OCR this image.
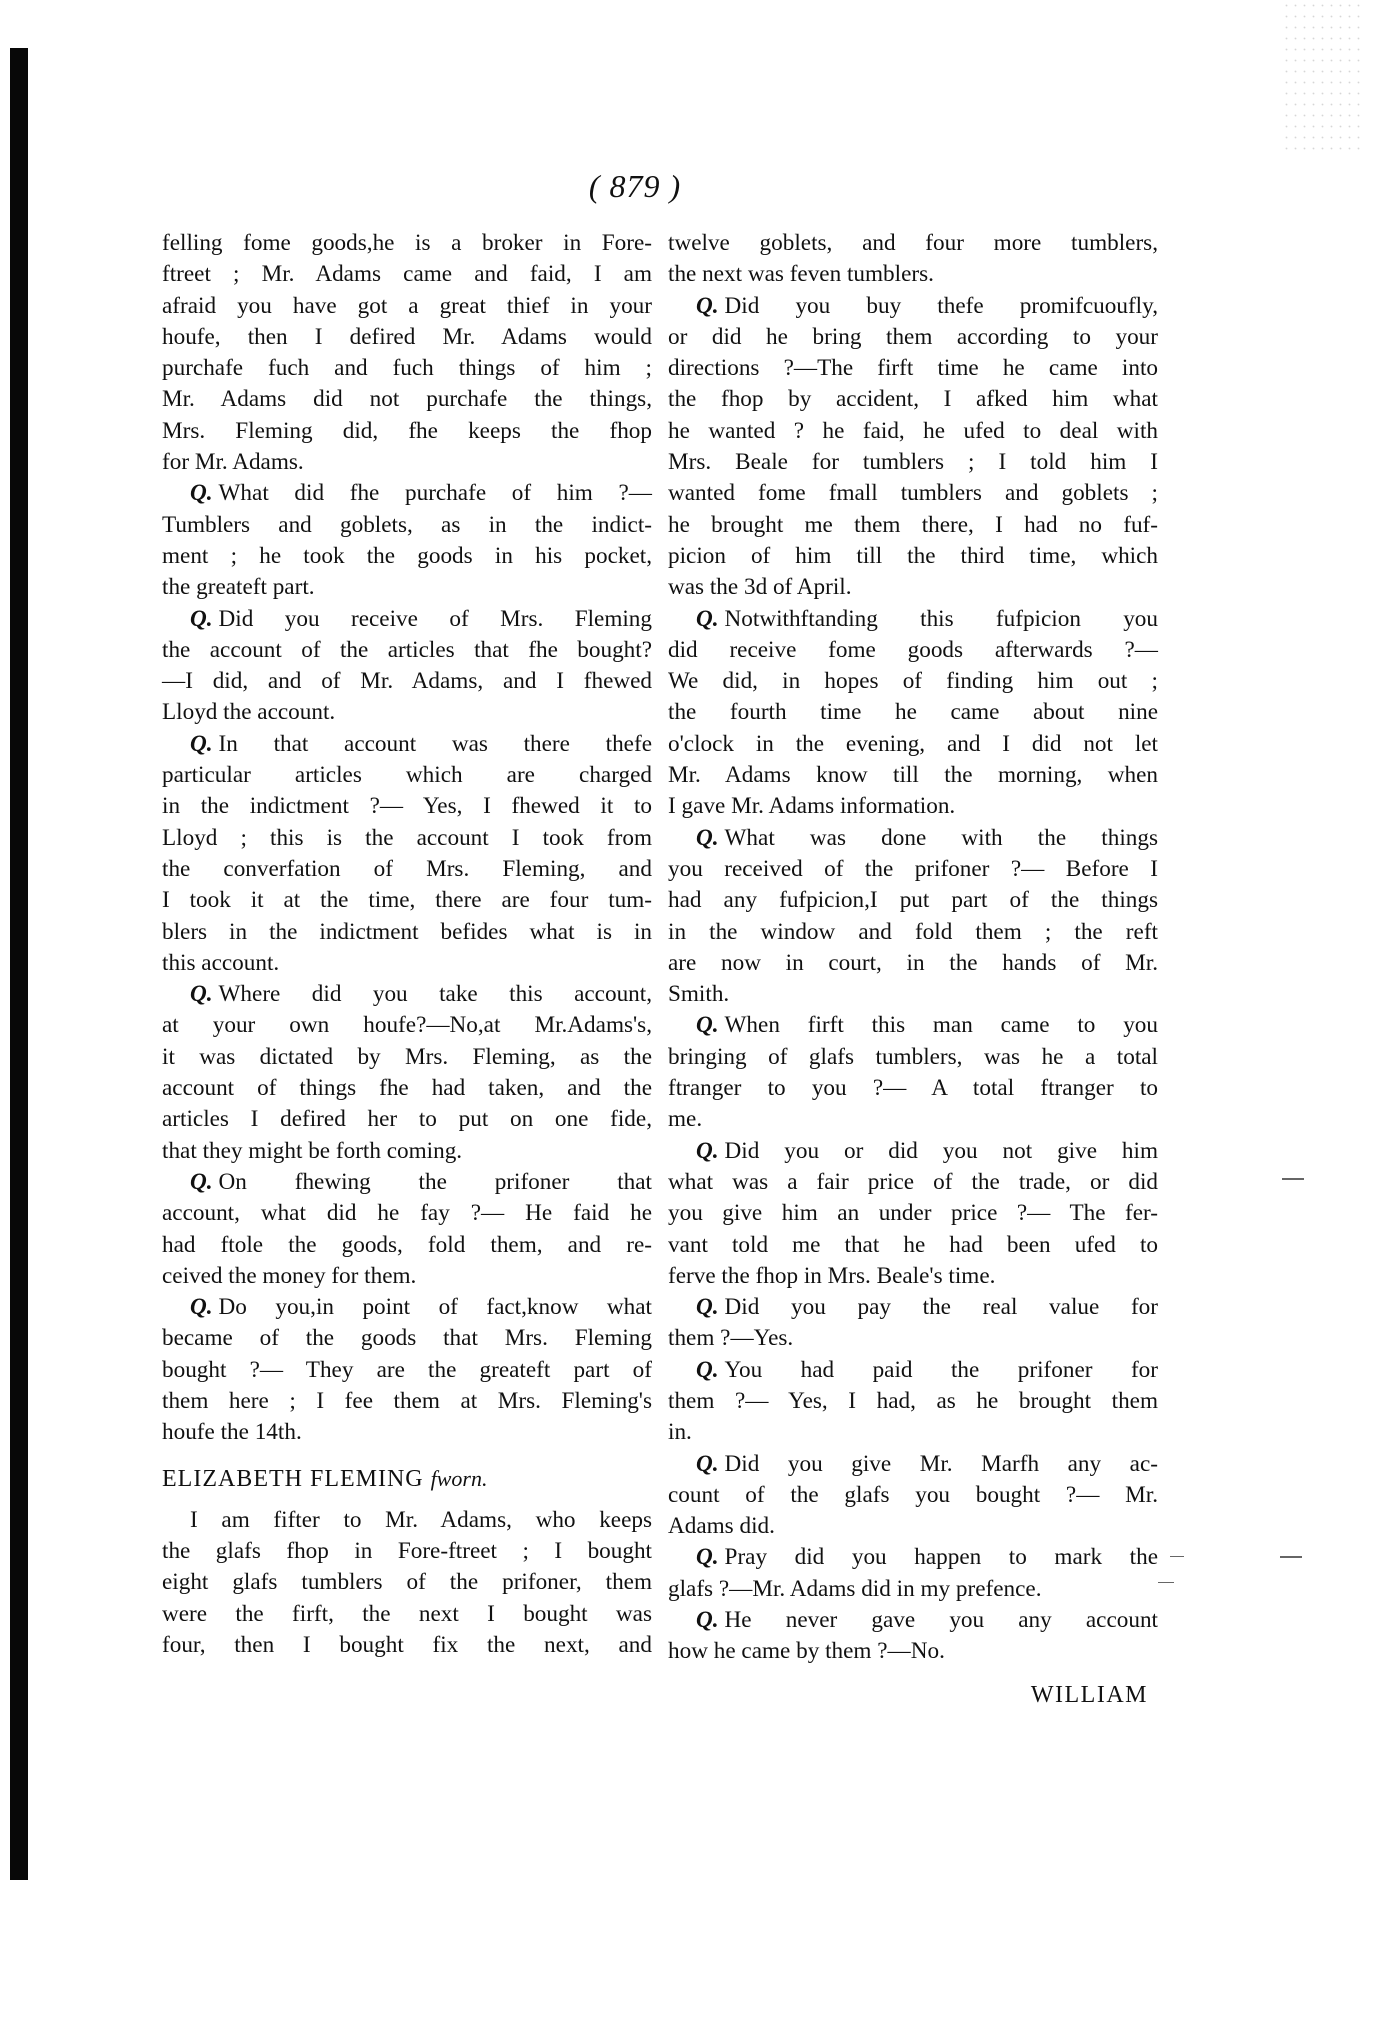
( 879 )
felling fome goods,he is a broker in Fore-
ftreet ; Mr. Adams came and faid, I am
afraid you have got a great thief in your
houfe, then I defired Mr. Adams would
purchafe fuch and fuch things of him ;
Mr. Adams did not purchafe the things,
Mrs. Fleming did, fhe keeps the fhop
for Mr. Adams.
Q. What did fhe purchafe of him ?—
Tumblers and goblets, as in the indict-
ment ; he took the goods in his pocket,
the greateft part.
Q. Did you receive of Mrs. Fleming
the account of the articles that fhe bought?
—I did, and of Mr. Adams, and I fhewed
Lloyd the account.
Q. In that account was there thefe
particular articles which are charged
in the indictment ?— Yes, I fhewed it to
Lloyd ; this is the account I took from
the converfation of Mrs. Fleming, and
I took it at the time, there are four tum-
blers in the indictment befides what is in
this account.
Q. Where did you take this account,
at your own houfe?—No,at Mr.Adams's,
it was dictated by Mrs. Fleming, as the
account of things fhe had taken, and the
articles I defired her to put on one fide,
that they might be forth coming.
Q. On fhewing the prifoner that
account, what did he fay ?— He faid he
had ftole the goods, fold them, and re-
ceived the money for them.
Q. Do you,in point of fact,know what
became of the goods that Mrs. Fleming
bought ?— They are the greateft part of
them here ; I fee them at Mrs. Fleming's
houfe the 14th.
ELIZABETH FLEMING fworn.
I am fifter to Mr. Adams, who keeps
the glafs fhop in Fore-ftreet ; I bought
eight glafs tumblers of the prifoner, them
were the firft, the next I bought was
four, then I bought fix the next, and
twelve goblets, and four more tumblers,
the next was feven tumblers.
Q. Did you buy thefe promifcuoufly,
or did he bring them according to your
directions ?—The firft time he came into
the fhop by accident, I afked him what
he wanted ? he faid, he ufed to deal with
Mrs. Beale for tumblers ; I told him I
wanted fome fmall tumblers and goblets ;
he brought me them there, I had no fuf-
picion of him till the third time, which
was the 3d of April.
Q. Notwithftanding this fufpicion you
did receive fome goods afterwards ?—
We did, in hopes of finding him out ;
the fourth time he came about nine
o'clock in the evening, and I did not let
Mr. Adams know till the morning, when
I gave Mr. Adams information.
Q. What was done with the things
you received of the prifoner ?— Before I
had any fufpicion,I put part of the things
in the window and fold them ; the reft
are now in court, in the hands of Mr.
Smith.
Q. When firft this man came to you
bringing of glafs tumblers, was he a total
ftranger to you ?— A total ftranger to
me.
Q. Did you or did you not give him
what was a fair price of the trade, or did
you give him an under price ?— The fer-
vant told me that he had been ufed to
ferve the fhop in Mrs. Beale's time.
Q. Did you pay the real value for
them ?—Yes.
Q. You had paid the prifoner for
them ?— Yes, I had, as he brought them
in.
Q. Did you give Mr. Marfh any ac-
count of the glafs you bought ?— Mr.
Adams did.
Q. Pray did you happen to mark the
glafs ?—Mr. Adams did in my prefence.
Q. He never gave you any account
how he came by them ?—No.
WILLIAM
